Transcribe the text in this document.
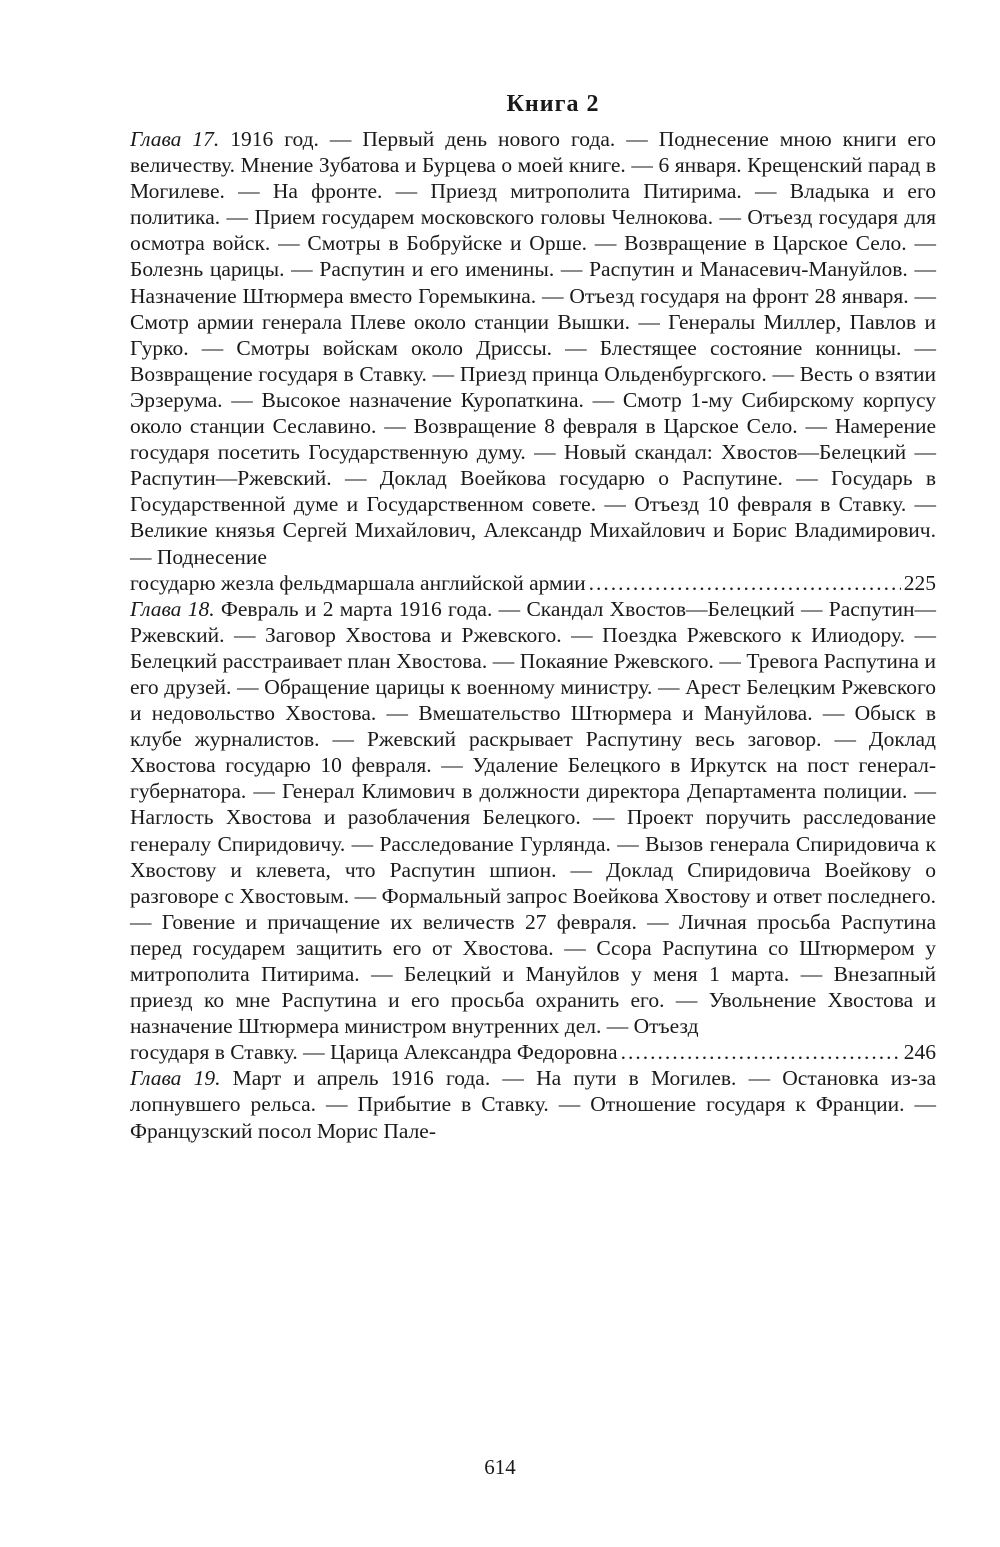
Книга 2
Глава 17. 1916 год. — Первый день нового года. — Поднесение мною книги его величеству. Мнение Зубатова и Бурцева о моей книге. — 6 января. Крещенский парад в Могилеве. — На фронте. — Приезд митрополита Питирима. — Владыка и его политика. — Прием государем московского головы Челнокова. — Отъезд государя для осмотра войск. — Смотры в Бобруйске и Орше. — Возвращение в Царское Село. — Болезнь царицы. — Распутин и его именины. — Распутин и Манасевич-Мануйлов. — Назначение Штюрмера вместо Горемыкина. — Отъезд государя на фронт 28 января. — Смотр армии генерала Плеве около станции Вышки. — Генералы Миллер, Павлов и Гурко. — Смотры войскам около Дриссы. — Блестящее состояние конницы. — Возвращение государя в Ставку. — Приезд принца Ольденбургского. — Весть о взятии Эрзерума. — Высокое назначение Куропаткина. — Смотр 1-му Сибирскому корпусу около станции Сеславино. — Возвращение 8 февраля в Царское Село. — Намерение государя посетить Государственную думу. — Новый скандал: Хвостов—Белецкий — Распутин—Ржевский. — Доклад Воейкова государю о Распутине. — Государь в Государственной думе и Государственном совете. — Отъезд 10 февраля в Ставку. — Великие князья Сергей Михайлович, Александр Михайлович и Борис Владимирович. — Поднесение
государю жезла фельдмаршала английской армии .....	225
Глава 18. Февраль и 2 марта 1916 года. — Скандал Хвостов—Белецкий — Распутин—Ржевский. — Заговор Хвостова и Ржевского. — Поездка Ржевского к Илиодору. — Белецкий расстраивает план Хвостова. — Покаяние Ржевского. — Тревога Распутина и его друзей. — Обращение царицы к военному министру. — Арест Белецким Ржевского и недовольство Хвостова. — Вмешательство Штюрмера и Мануйлова. — Обыск в клубе журналистов. — Ржевский раскрывает Распутину весь заговор. — Доклад Хвостова государю 10 февраля. — Удаление Белецкого в Иркутск на пост генерал-губернатора. — Генерал Климович в должности директора Департамента полиции. — Наглость Хвостова и разоблачения Белецкого. — Проект поручить расследование генералу Спиридовичу. — Расследование Гурлянда. — Вызов генерала Спиридовича к Хвостову и клевета, что Распутин шпион. — Доклад Спиридовича Воейкову о разговоре с Хвостовым. — Формальный запрос Воейкова Хвостову и ответ последнего. — Говение и причащение их величеств 27 февраля. — Личная просьба Распутина перед государем защитить его от Хвостова. — Ссора Распутина со Штюрмером у митрополита Питирима. — Белецкий и Мануйлов у меня 1 марта. — Внезапный приезд ко мне Распутина и его просьба охранить его. — Увольнение Хвостова и назначение Штюрмера министром внутренних дел. — Отъезд
государя в Ставку. — Царица Александра Федоровна .....	246
Глава 19. Март и апрель 1916 года. — На пути в Могилев. — Остановка из-за лопнувшего рельса. — Прибытие в Ставку. — Отношение государя к Франции. — Французский посол Морис Пале-
614
